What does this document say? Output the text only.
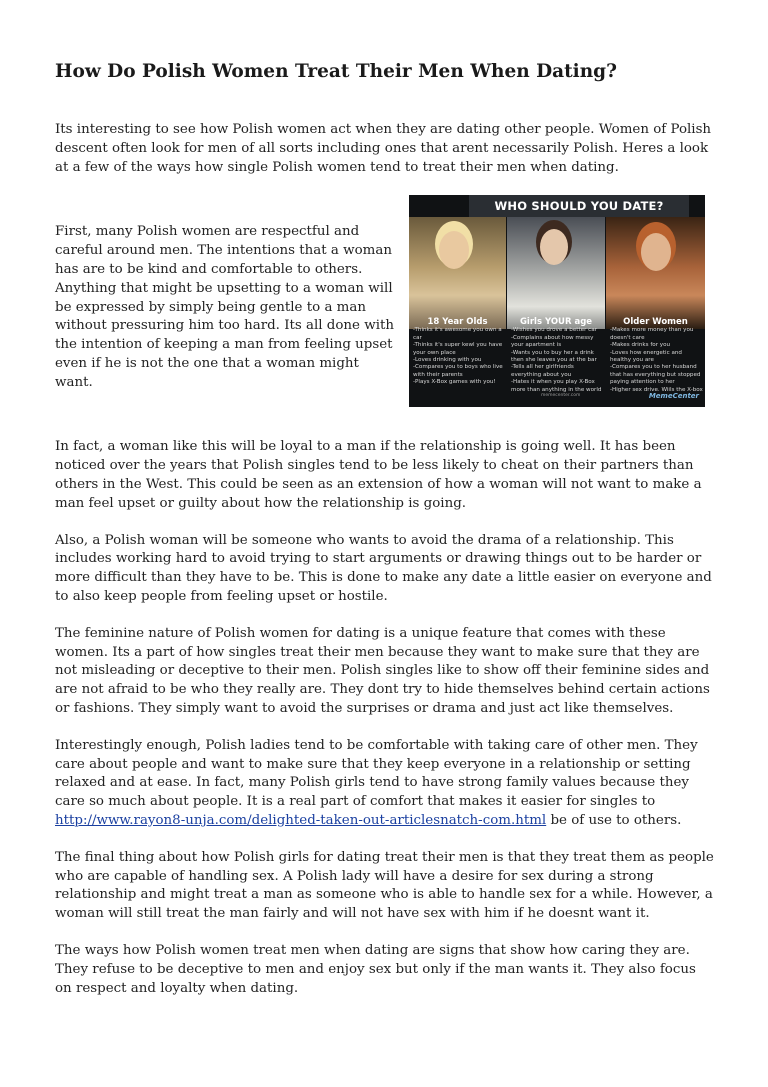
How Do Polish Women Treat Their Men When Dating?

Its interesting to see how Polish women act when they are dating other people. Women of Polish descent often look for men of all sorts including ones that arent necessarily Polish. Heres a look at a few of the ways how single Polish women tend to treat their men when dating.

First, many Polish women are respectful and careful around men. The intentions that a woman has are to be kind and comfortable to others. Anything that might be upsetting to a woman will be expressed by simply being gentle to a man without pressuring him too hard. Its all done with the intention of keeping a man from feeling upset even if he is not the one that a woman might want.

WHO SHOULD YOU DATE?
18 Year Olds
-Thinks it's awesome you own a car
-Thinks it's super kewl you have your own place
-Loves drinking with you
-Compares you to boys who live with their parents
-Plays X-Box games with you!
Girls YOUR age
-Wishes you drove a better car
-Complains about how messy your apartment is
-Wants you to buy her a drink then she leaves you at the bar
-Tells all her girlfriends everything about you
-Hates it when you play X-Box more than anything in the world
Older Women
-Makes more money than you
doesn't care
-Makes drinks for you
-Loves how energetic and healthy you are
-Compares you to her husband that has everything but stopped paying attention to her
-Higher sex drive. Wiils the X-box
memecenter.com	MemeCenter

In fact, a woman like this will be loyal to a man if the relationship is going well. It has been noticed over the years that Polish singles tend to be less likely to cheat on their partners than others in the West. This could be seen as an extension of how a woman will not want to make a man feel upset or guilty about how the relationship is going.

Also, a Polish woman will be someone who wants to avoid the drama of a relationship. This includes working hard to avoid trying to start arguments or drawing things out to be harder or more difficult than they have to be. This is done to make any date a little easier on everyone and to also keep people from feeling upset or hostile.

The feminine nature of Polish women for dating is a unique feature that comes with these women. Its a part of how singles treat their men because they want to make sure that they are not misleading or deceptive to their men. Polish singles like to show off their feminine sides and are not afraid to be who they really are. They dont try to hide themselves behind certain actions or fashions. They simply want to avoid the surprises or drama and just act like themselves.

Interestingly enough, Polish ladies tend to be comfortable with taking care of other men. They care about people and want to make sure that they keep everyone in a relationship or setting relaxed and at ease. In fact, many Polish girls tend to have strong family values because they care so much about people. It is a real part of comfort that makes it easier for singles to http://www.rayon8-unja.com/delighted-taken-out-articlesnatch-com.html be of use to others.

The final thing about how Polish girls for dating treat their men is that they treat them as people who are capable of handling sex. A Polish lady will have a desire for sex during a strong relationship and might treat a man as someone who is able to handle sex for a while. However, a woman will still treat the man fairly and will not have sex with him if he doesnt want it.

The ways how Polish women treat men when dating are signs that show how caring they are. They refuse to be deceptive to men and enjoy sex but only if the man wants it. They also focus on respect and loyalty when dating.
